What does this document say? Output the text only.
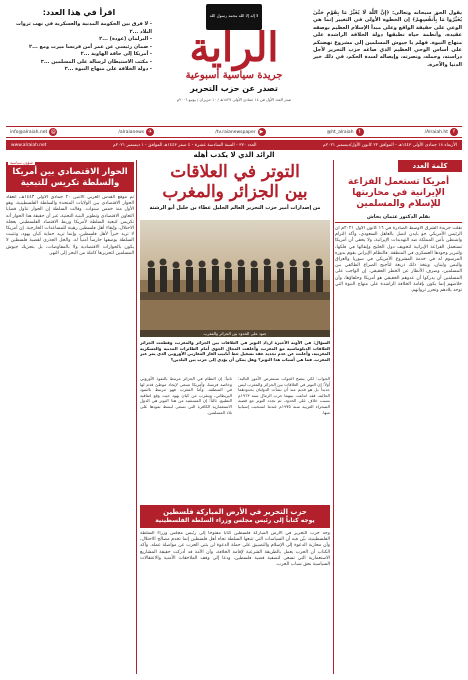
يقول الحق سبحانه وتعالى: ﴿إِنَّ اللَّهَ لَا يُغَيِّرُ مَا بِقَوْمٍ حَتَّىٰ يُغَيِّرُوا مَا بِأَنفُسِهِمْ﴾ إن الخطوة الأولى في التغيير إنما هي الوعي على حقيقة الواقع وعلى مبدأ الإسلام العظيم بوصفه عقيدة، وأنظمة حياة تطبقها دولة الخلافة الراشدة على منهاج النبوة. فهلم يا جيوش المسلمين إلى مشروع نهضتكم على أساس الوحي العظيم الذي صاغه حزب التحرير لأجل دراسته، وحمله، ونصرته، وإيصاله لسدة الحكم، في ذلك خير الدنيا والآخرة.
لا إله إلا الله محمد رسول الله
الراية
جريدة سياسية أسبوعية
تصدر عن حزب التحرير
صدر العدد الأول في ١٤ جمادى الأولى ١٤٢٧هـ / ١٠ حزيران / يونيو ٢٠٠٦م
اقرأ في هذا العدد:
- لا فرق بين الحكومة المدنية والعسكرية في نهب ثروات البلاد ...٢
- البرلمان (عودة) ...٢
- ضمان رئيسي عن عمر أمن فرنسا ميرت ومع ...٢
- أمريكا إلى حافة الهاوية ...٢
- مكتب الاستيطان لرسالة على المسلمين ...٣
- دولة الخلافة على منهاج النبوة ...٣
f
/Alraiah.ht
t
@ht_alraiah
▶
/tv.raianewspaper
✈
/alraianews
@
info@alraiah.net
الأربعاء ١٨ جمادى الأولى ١٤٤٣هـ - الموافق ٢٢ كانون الأول/ديسمبر ٢٠٢١م
العدد ٣٧٠ - السنة السادسة عشرة - ٤ صفر ١٤٤٣هـ الموافق - ١ ديسمبر ٢٠٢١م
www.alraiah.net
الرائد الذي لا يكذب أهله
كلمة العدد
أمريكا تستعمل الفزاعة الإيرانية في محاربتها للإسلام والمسلمين
بقلم الدكتور عثمان بخاش
نقلت جريدة الشرق الأوسط الصادرة في ١٦ كانون الأول ٢٠٢١م أن الرئيس الأمريكي جو بايدن اتصل بالعاهل السعودي، وأكد التزام واشنطن بأمن المملكة ضد التهديدات الإيرانية، ولا يخفى أن أمريكا تستعمل الفزاعة الإيرانية لتخويف دول الخليج وإبقائها في فلكها، ولتبرير وجودها العسكري في المنطقة. فالنظام الإيراني يقوم بدوره المرسوم له في خدمة المشروع الأمريكي في سوريا والعراق واليمن ولبنان، ويتخذ ذلك ذريعة لتأجيج الصراع الطائفي بين المسلمين، وصرف الأنظار عن الخطر الحقيقي. إن الواجب على المسلمين أن يدركوا أن عدوهم الحقيقي هو أمريكا وحلفاؤها، وأن خلاصهم إنما يكون بإقامة الخلافة الراشدة على منهاج النبوة التي توحد بلادهم وتحرر ثرواتهم.
التوتر في العلاقات
بين الجزائر والمغرب
من إصدارات أمير حزب التحرير العالم الجليل عطاء بن خليل أبو الرشتة
جنود على الحدود بين الجزائر والمغرب
السؤال: في الآونة الأخيرة ازداد التوتر في العلاقات بين الجزائر والمغرب، وقطعت الجزائر العلاقات الدبلوماسية مع المغرب، وأغلقت المجال الجوي أمام الطائرات المدنية والعسكرية المغربية، وأعلنت عن عدم تجديد عقد تشغيل خط أنابيب الغاز المغاربي الأوروبي الذي يمر عبر المغرب. فما هي أسباب هذا التوتر؟ وهل يمكن أن يؤدي إلى حرب بين البلدين؟
الجواب: لكي يتضح الجواب نستعرض الأمور التالية: أولاً: إن التوتر في العلاقات بين الجزائر والمغرب ليس جديداً بل هو قديم منذ أن نشأت الدولتان بحدودهما الحالية، فقد اندلعت بينهما حرب الرمال سنة ١٩٦٣م بسبب خلاف على الحدود، ثم تجدد التوتر مع قضية الصحراء الغربية سنة ١٩٧٥م عندما انسحبت إسبانيا منها.
ثانياً: إن النظام في الجزائر مرتبط بالنفوذ الأوروبي وخاصة فرنسا، وأمريكا تسعى لإيجاد موطئ قدم لها في المنطقة، وأما المغرب فهو مرتبط بالنفوذ البريطاني، ويتقرب من كيان يهود حيث وقع اتفاقية التطبيع. ثالثاً: إن المستفيد من هذا التوتر هي الدول الاستعمارية الكافرة التي تسعى لبسط نفوذها على بلاد المسلمين.
شؤون سياسية
الحوار الاقتصادي بين أمريكا والسلطة تكريس للتبعية
تم موقع القدس العربي الاثنين ٢٠ جمادى الأولى ١٤٤٣هـ، انعقاد الحوار الاقتصادي بين الولايات المتحدة والسلطة الفلسطينية، وهو الأول منذ خمس سنوات. وقالت السلطة إن الحوار تناول قضايا التعاون الاقتصادي وتطوير البنية التحتية، غير أن حقيقة هذا الحوار أنه تكريس لتبعية السلطة لأمريكا وربط الاقتصاد الفلسطيني بعجلة الاحتلال، وإبقاء أهل فلسطين رهينة للمساعدات الخارجية. إن أمريكا لا تريد خيراً لأهل فلسطين، وإنما تريد حماية كيان يهود، وتثبيت السلطة بوصفها حارساً أمنياً له. والحل الجذري لقضية فلسطين لا يكون بالحوارات الاقتصادية ولا بالمفاوضات، بل بتحريك جيوش المسلمين لتحريرها كاملة من البحر إلى النهر.
حزب التحرير في الأرض المباركة فلسطين
يوجه كتاباً إلى رئيس مجلس وزراء السلطة الفلسطينية
وجه حزب التحرير في الأرض المباركة فلسطين كتاباً مفتوحاً إلى رئيس مجلس وزراء السلطة الفلسطينية، بيّن فيه أن السياسات التي تتبعها السلطة تجاه أهل فلسطين إنما تخدم مصالح الاحتلال، وأن محاربة الدعوة إلى الإسلام والتضييق على حملة الدعوة لن يثني الحزب عن مواصلة عمله. وأكد الكتاب أن الحزب يعمل بالطريقة الشرعية لإقامة الخلافة، وأن الأمة قد أدركت حقيقة المشاريع الاستعمارية التي تسعى لتصفية قضية فلسطين، ودعا إلى وقف الملاحقات الأمنية والاعتقالات السياسية بحق شباب الحزب.
